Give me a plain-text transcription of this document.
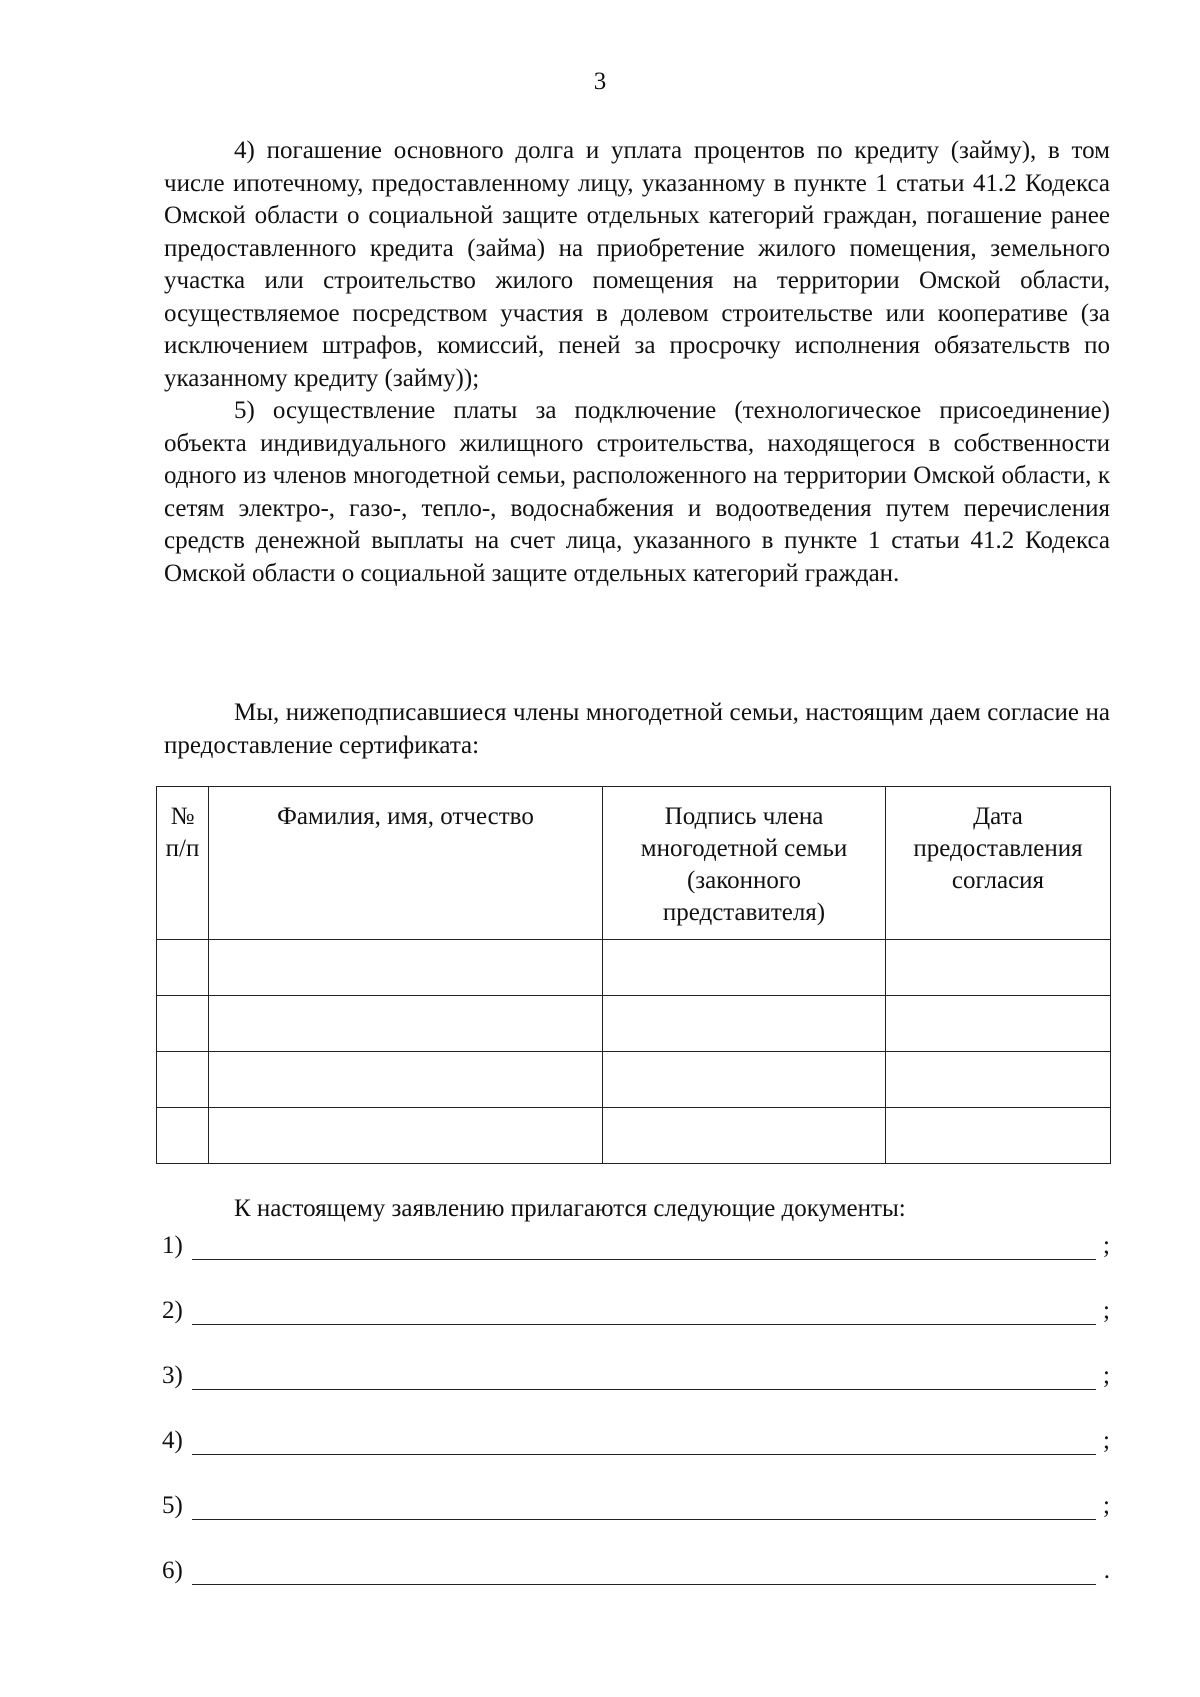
3

4) погашение основного долга и уплата процентов по кредиту (займу), в том числе ипотечному, предоставленному лицу, указанному в пункте 1 статьи 41.2 Кодекса Омской области о социальной защите отдельных категорий граждан, погашение ранее предоставленного кредита (займа) на приобретение жилого помещения, земельного участка или строительство жилого помещения на территории Омской области, осуществляемое посредством участия в долевом строительстве или кооперативе (за исключением штрафов, комиссий, пеней за просрочку исполнения обязательств по указанному кредиту (займу));

5) осуществление платы за подключение (технологическое присоединение) объекта индивидуального жилищного строительства, находящегося в собственности одного из членов многодетной семьи, расположенного на территории Омской области, к сетям электро-, газо-, тепло-, водоснабжения и водоотведения путем перечисления средств денежной выплаты на счет лица, указанного в пункте 1 статьи 41.2 Кодекса Омской области о социальной защите отдельных категорий граждан.

Мы, нижеподписавшиеся члены многодетной семьи, настоящим даем согласие на предоставление сертификата:

№ п/п	Фамилия, имя, отчество	Подпись члена многодетной семьи (законного представителя)	Дата предоставления согласия

К настоящему заявлению прилагаются следующие документы:
1)	;
2)	;
3)	;
4)	;
5)	;
6)	.
